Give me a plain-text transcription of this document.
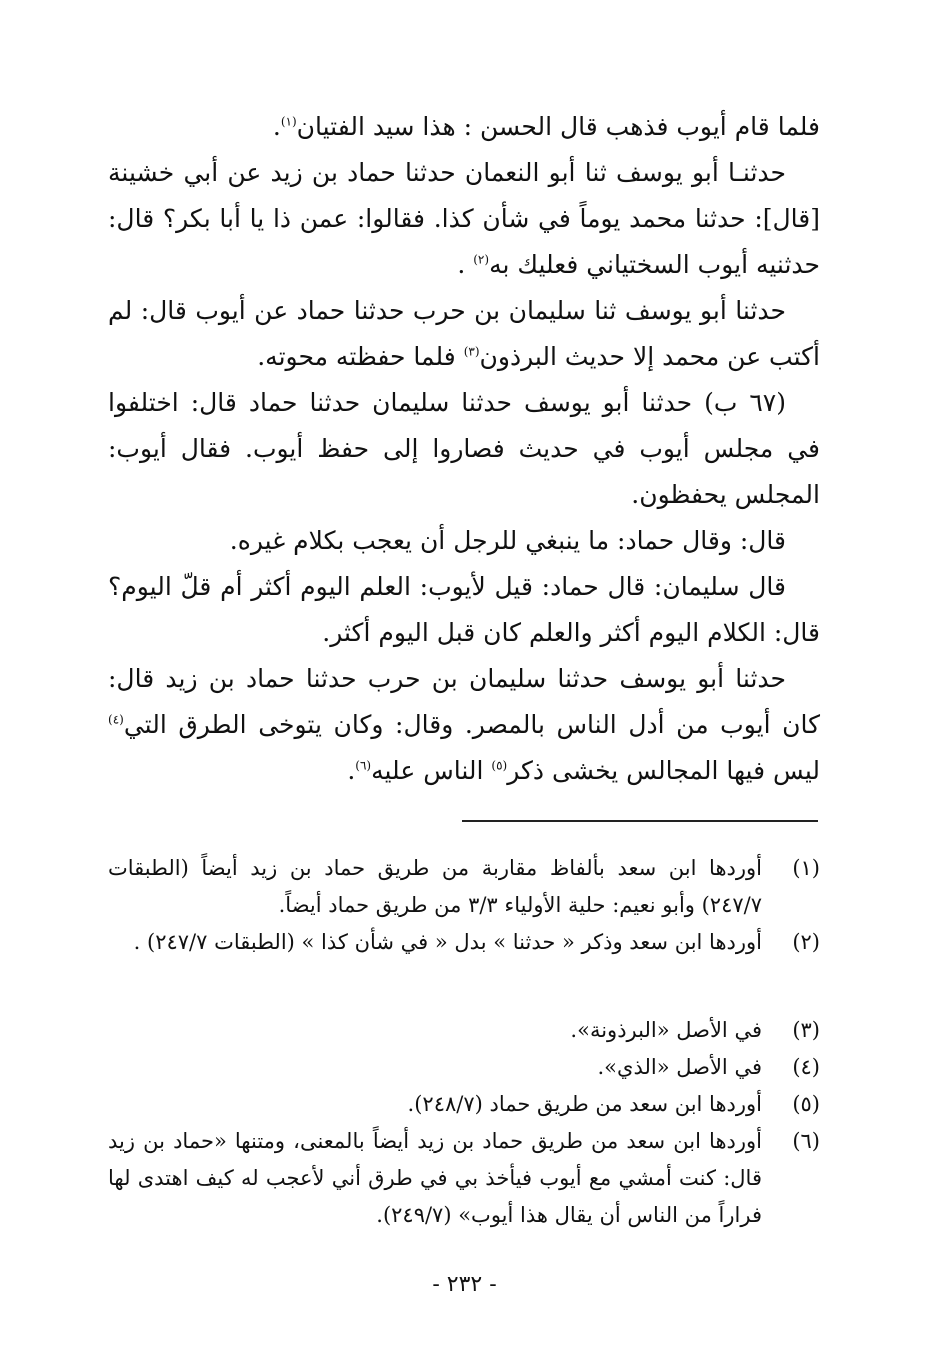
فلما قام أيوب فذهب قال الحسن : هذا سيد الفتيان$^{(١)}$.

حدثنـا أبو يوسف ثنا أبو النعمان حدثنا حماد بن زيد عن أبي خشينة [قال]: حدثنا محمد يوماً في شأن كذا. فقالوا: عمن ذا يا أبا بكر؟ قال: حدثنيه أيوب السختياني فعليك به$^{(٢)}$ .

حدثنا أبو يوسف ثنا سليمان بن حرب حدثنا حماد عن أيوب قال: لم أكتب عن محمد إلا حديث البرذون$^{(٣)}$ فلما حفظته محوته.

(٦٧ ب) حدثنا أبو يوسف حدثنا سليمان حدثنا حماد قال: اختلفوا في مجلس أيوب في حديث فصاروا إلى حفظ أيوب. فقال أيوب: المجلس يحفظون.

قال: وقال حماد: ما ينبغي للرجل أن يعجب بكلام غيره.

قال سليمان: قال حماد: قيل لأيوب: العلم اليوم أكثر أم قلّ اليوم؟ قال: الكلام اليوم أكثر والعلم كان قبل اليوم أكثر.

حدثنا أبو يوسف حدثنا سليمان بن حرب حدثنا حماد بن زيد قال: كان أيوب من أدل الناس بالمصر. وقال: وكان يتوخى الطرق التي$^{(٤)}$ ليس فيها المجالس يخشى ذكر$^{(٥)}$ الناس عليه$^{(٦)}$.

(١)
أوردها ابن سعد بألفاظ مقاربة من طريق حماد بن زيد أيضاً (الطبقات ٢٤٧/٧) وأبو نعيم: حلية الأولياء ٣/٣ من طريق حماد أيضاً.
(٢)
أوردها ابن سعد وذكر « حدثنا » بدل « في شأن كذا » (الطبقات ٢٤٧/٧) .
(٣)
في الأصل «البرذونة».
(٤)
في الأصل «الذي».
(٥)
أوردها ابن سعد من طريق حماد (٢٤٨/٧).
(٦)
أوردها ابن سعد من طريق حماد بن زيد أيضاً بالمعنى، ومتنها «حماد بن زيد قال: كنت أمشي مع أيوب فيأخذ بي في طرق أني لأعجب له كيف اهتدى لها فراراً من الناس أن يقال هذا أيوب» (٢٤٩/٧).
- ٢٣٢ -
